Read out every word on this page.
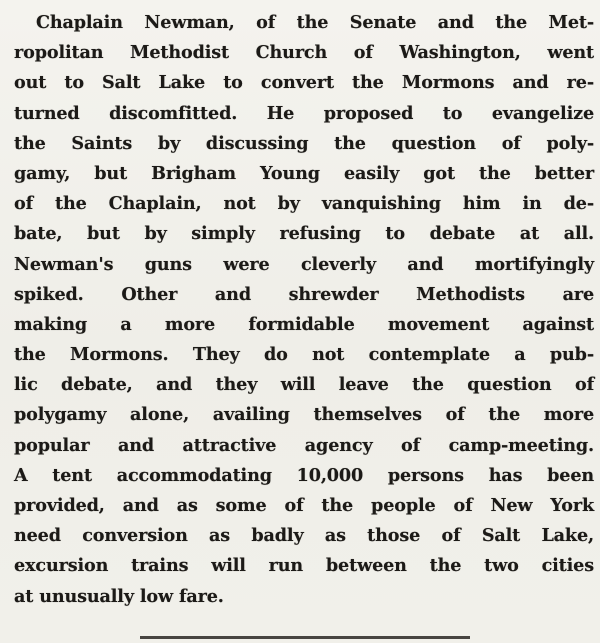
Chaplain Newman, of the Senate and the Met-
ropolitan Methodist Church of Washington, went
out to Salt Lake to convert the Mormons and re-
turned discomfitted. He proposed to evangelize
the Saints by discussing the question of poly-
gamy, but Brigham Young easily got the better
of the Chaplain, not by vanquishing him in de-
bate, but by simply refusing to debate at all.
Newman's guns were cleverly and mortifyingly
spiked. Other and shrewder Methodists are
making a more formidable movement against
the Mormons. They do not contemplate a pub-
lic debate, and they will leave the question of
polygamy alone, availing themselves of the more
popular and attractive agency of camp-meeting.
A tent accommodating 10,000 persons has been
provided, and as some of the people of New York
need conversion as badly as those of Salt Lake,
excursion trains will run between the two cities
at unusually low fare.
